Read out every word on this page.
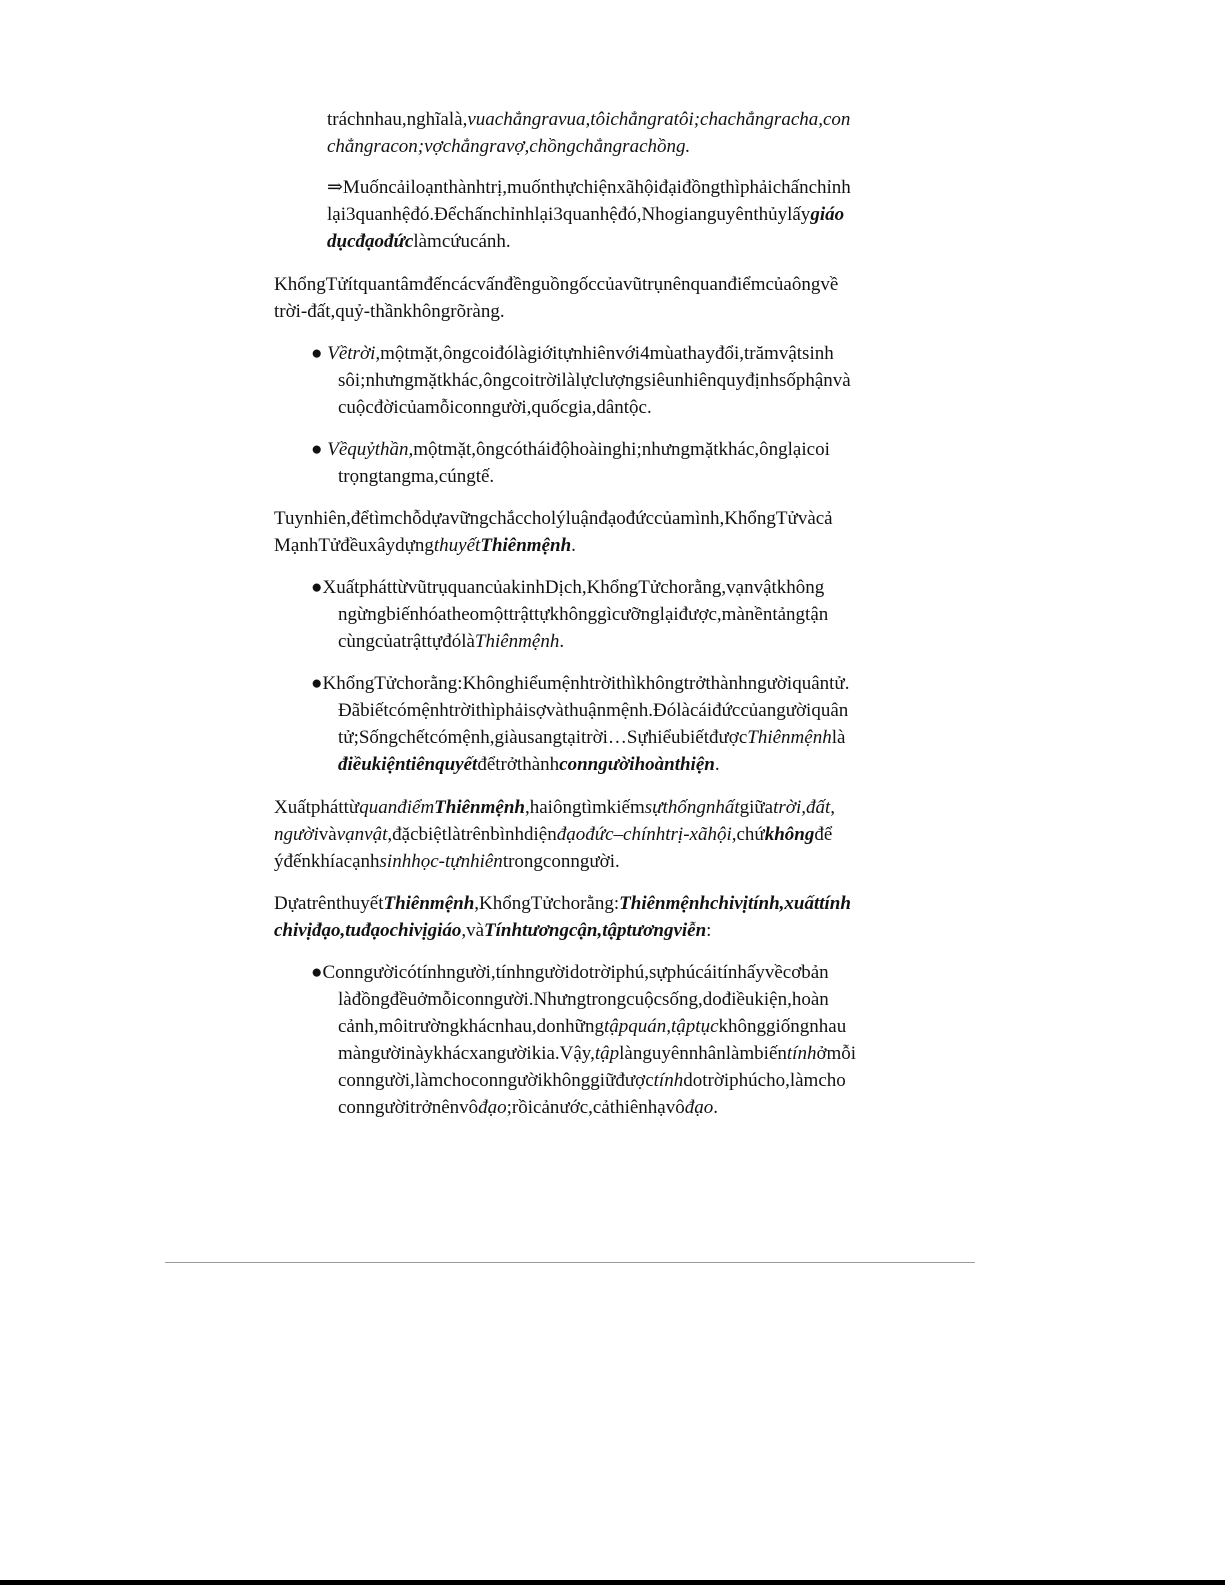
tráchnhau,nghĩalà,vuachẳngravua,tôichẳngratôi;chachẳngracha,con

chẳngracon;vợchẳngravợ,chồngchẳngrachồng.

⇒Muốncảiloạnthànhtrị,muốnthựchiệnxãhộiđạiđồngthìphảichấnchỉnh

lại3quanhệđó.Đểchấnchỉnhlại3quanhệđó,Nhogianguyênthủylấygiáo

dụcđạođứclàmcứucánh.

KhổngTửítquantâmđếncácvấnđềnguồngốccủavũtrụnênquanđiểmcủaôngvề

trời-đất,quỷ-thầnkhôngrõràng.

● Vềtrời,mộtmặt,ôngcoiđólàgiớitựnhiênvới4mùathayđổi,trămvậtsinh

sôi;nhưngmặtkhác,ôngcoitrờilàlựclượngsiêunhiênquyđịnhsốphậnvà

cuộcđờicủamỗiconngười,quốcgia,dântộc.

● Vềquỷthần,mộtmặt,ôngcótháiđộhoàinghi;nhưngmặtkhác,ônglạicoi

trọngtangma,cúngtế.

Tuynhiên,đểtìmchỗdựavữngchắccholýluậnđạođứccủamình,KhổngTửvàcả

MạnhTửđềuxâydựngthuyếtThiênmệnh.

●XuấtpháttừvũtrụquancủakinhDịch,KhổngTửchorằng,vạnvậtkhông

ngừngbiếnhóatheomộttrậttựkhônggìcưỡnglạiđược,mànềntảngtận

cùngcủatrậttựđólàThiênmệnh.

●KhổngTửchorằng:Khônghiểumệnhtrờithìkhôngtrởthànhngườiquântử.

Đãbiếtcómệnhtrờithìphảisợvàthuậnmệnh.Đólàcáiđứccủangườiquân

tử;Sốngchếtcómệnh,giàusangtạitrời…SựhiểubiếtđượcThiênmệnhlà

điềukiệntiênquyếtđểtrởthànhconngườihoànthiện.

XuấtpháttừquanđiểmThiênmệnh,haiôngtìmkiếmsựthốngnhấtgiữatrời,đất,

ngườivàvạnvật,đặcbiệtlàtrênbìnhdiệnđạođức–chínhtrị-xãhội,chứkhôngđể

ýđếnkhíacạnhsinhhọc-tựnhiêntrongconngười.

DựatrênthuyếtThiênmệnh,KhổngTửchorằng:Thiênmệnhchivịtính,xuấttính

chivịđạo,tuđạochivịgiáo,vàTínhtươngcận,tậptươngviễn:

●Conngườicótínhngười,tínhngườidotrờiphú,sựphúcáitínhấyvềcơbản

làđồngđềuởmỗiconngười.Nhưngtrongcuộcsống,dođiềukiện,hoàn

cảnh,môitrườngkhácnhau,donhữngtậpquán,tậptụckhônggiốngnhau

màngườinàykhácxangườikia.Vậy,tậplànguyênnhânlàmbiếntínhởmỗi

conngười,làmchoconngườikhônggiữđượctínhdotrờiphúcho,làmcho

conngườitrởnênvôđạo;rồicảnước,cảthiênhạvôđạo.
